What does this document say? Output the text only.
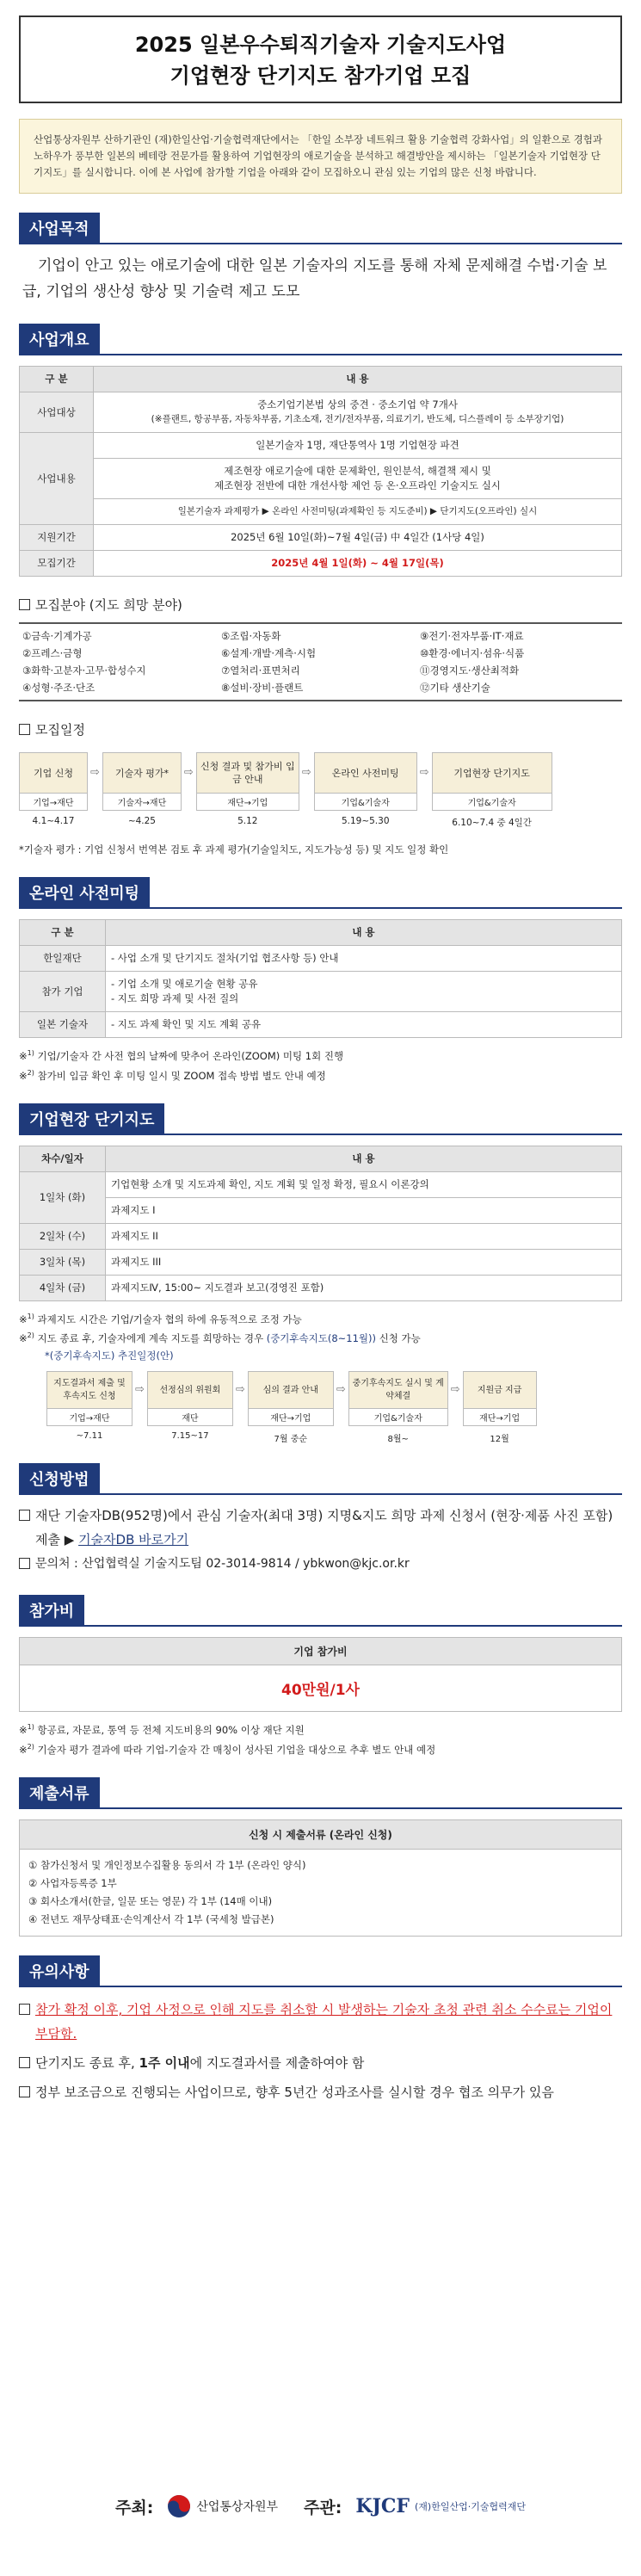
2025 일본우수퇴직기술자 기술지도사업
기업현장 단기지도 참가기업 모집
산업통상자원부 산하기관인 (재)한일산업·기술협력재단에서는 「한일 소부장 네트워크 활용 기술협력 강화사업」의 일환으로 경험과 노하우가 풍부한 일본의 베테랑 전문가를 활용하여 기업현장의 애로기술을 분석하고 해결방안을 제시하는 「일본기술자 기업현장 단기지도」를 실시합니다. 이에 본 사업에 참가할 기업을 아래와 같이 모집하오니 관심 있는 기업의 많은 신청 바랍니다.
사업목적
기업이 안고 있는 애로기술에 대한 일본 기술자의 지도를 통해 자체 문제해결 수법·기술 보급, 기업의 생산성 향상 및 기술력 제고 도모
사업개요
구 분	내 용
사업대상	중소기업기본법 상의 중견 · 중소기업 약 7개사
(※플랜트, 항공부품, 자동차부품, 기초소재, 전기/전자부품, 의료기기, 반도체, 디스플레이 등 소부장기업)

사업내용	일본기술자 1명, 재단통역사 1명 기업현장 파견

	제조현장 애로기술에 대한 문제확인, 원인분석, 해결책 제시 및
제조현장 전반에 대한 개선사항 제언 등 온·오프라인 기술지도 실시

	일본기술자 과제평가 ▶ 온라인 사전미팅(과제확인 등 지도준비) ▶ 단기지도(오프라인) 실시
지원기간	2025년 6월 10일(화)~7월 4일(금) 中 4일간 (1사당 4일)
모집기간	2025년 4월 1일(화) ~ 4월 17일(목)
모집분야 (지도 희망 분야)
①금속·기계가공	⑤조립·자동화	⑨전기·전자부품·IT·재료
②프레스·금형	⑥설계·개발·계측·시험	⑩환경·에너지·섬유·식품
③화학·고분자·고무·합성수지	⑦열처리·표면처리	⑪경영지도·생산최적화
④성형·주조·단조	⑧설비·장비·플랜트	⑫기타 생산기술
모집일정
기업 신청
기업→재단
4.1~4.17
⇨	기술자 평가*
기술자→재단
~4.25
⇨ 신청 결과 및 참가비 입금 안내
재단→기업
5.12
⇨	온라인 사전미팅
기업&기술자
5.19~5.30
⇨	기업현장 단기지도
기업&기술자
6.10~7.4 중 4일간
*기술자 평가 : 기업 신청서 번역본 검토 후 과제 평가(기술일치도, 지도가능성 등) 및 지도 일정 확인
온라인 사전미팅
구 분	내 용
한일재단	- 사업 소개 및 단기지도 절차(기업 협조사항 등) 안내
참가 기업	- 기업 소개 및 애로기술 현황 공유
- 지도 희망 과제 및 사전 질의

일본 기술자	- 지도 과제 확인 및 지도 계획 공유
※$^{1)}$ 기업/기술자 간 사전 협의 날짜에 맞추어 온라인(ZOOM) 미팅 1회 진행
※$^{2)}$ 참가비 입금 확인 후 미팅 일시 및 ZOOM 접속 방법 별도 안내 예정
기업현장 단기지도
차수/일자	내 용
1일차 (화)	기업현황 소개 및 지도과제 확인, 지도 계획 및 일정 확정, 필요시 이론강의
	과제지도 I
2일차 (수)	과제지도 II
3일차 (목)	과제지도 III
4일차 (금)	과제지도Ⅳ, 15:00~ 지도결과 보고(경영진 포함)
※$^{1)}$ 과제지도 시간은 기업/기술자 협의 하에 유동적으로 조정 가능
※$^{2)}$ 지도 종료 후, 기술자에게 계속 지도를 희망하는 경우 (중기후속지도(8~11월)) 신청 가능
*(중기후속지도) 추진일정(안)
지도결과서 제출 및 후속지도 신청
기업→재단
~7.11
⇨	선정심의 위원회
재단
7.15~17
⇨	심의 결과 안내
재단→기업
7월 중순
⇨ 중기후속지도 실시 및 계약체결
기업&기술자
8월~
⇨	지원금 지급
재단→기업
12월
신청방법
재단 기술자DB(952명)에서 관심 기술자(최대 3명) 지명&지도 희망 과제 신청서 (현장·제품 사진 포함) 제출 ▶ 기술자DB 바로가기
문의처 : 산업협력실 기술지도팀 02-3014-9814 / ybkwon@kjc.or.kr
참가비
기업 참가비
40만원/1사
※$^{1)}$ 항공료, 자문료, 통역 등 전체 지도비용의 90% 이상 재단 지원
※$^{2)}$ 기술자 평가 결과에 따라 기업-기술자 간 매칭이 성사된 기업을 대상으로 추후 별도 안내 예정
제출서류
신청 시 제출서류 (온라인 신청)
① 참가신청서 및 개인정보수집활용 동의서 각 1부 (온라인 양식)
② 사업자등록증 1부
③ 회사소개서(한글, 일문 또는 영문) 각 1부 (14매 이내)
④ 전년도 재무상태표·손익계산서 각 1부 (국세청 발급본)
유의사항
참가 확정 이후, 기업 사정으로 인해 지도를 취소할 시 발생하는 기술자 초청 관련 취소 수수료는 기업이 부담함.
단기지도 종료 후, 1주 이내에 지도결과서를 제출하여야 함
정부 보조금으로 진행되는 사업이므로, 향후 5년간 성과조사를 실시할 경우 협조 의무가 있음
주최:	산업통상자원부 주관: KJCF (재)한일산업·기술협력재단
